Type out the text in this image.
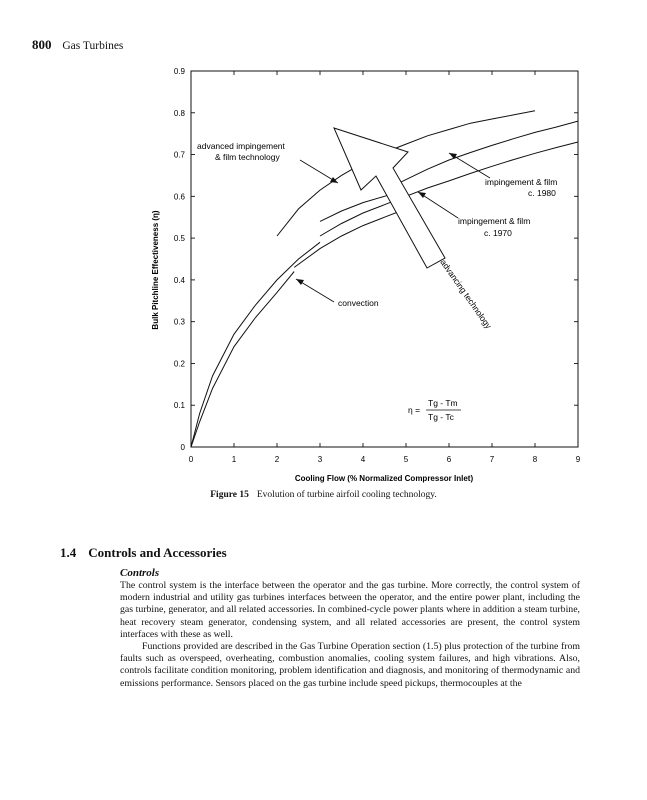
800 Gas Turbines
0	1	2	3	4	5	6	7	8	9
0
0.1
0.2
0.3
0.4
0.5
0.6
0.7
0.8
0.9
Cooling Flow (% Normalized Compressor Inlet)
Bulk Pitchline Effectiveness (η)	advancing technology
advanced impingement
& film technology
impingement & film
c. 1980
impingement & film
c. 1970
convection
η =
Tg - Tm
Tg - Tc
Figure 15 Evolution of turbine airfoil cooling technology.
1.4 Controls and Accessories
Controls

The control system is the interface between the operator and the gas turbine. More correctly, the control system of modern industrial and utility gas turbines interfaces between the operator, and the entire power plant, including the gas turbine, generator, and all related accessories. In combined-cycle power plants where in addition a steam turbine, heat recovery steam generator, condensing system, and all related accessories are present, the control system interfaces with these as well.

Functions provided are described in the Gas Turbine Operation section (1.5) plus protection of the turbine from faults such as overspeed, overheating, combustion anomalies, cooling system failures, and high vibrations. Also, controls facilitate condition monitoring, problem identification and diagnosis, and monitoring of thermodynamic and emissions performance. Sensors placed on the gas turbine include speed pickups, thermocouples at the
